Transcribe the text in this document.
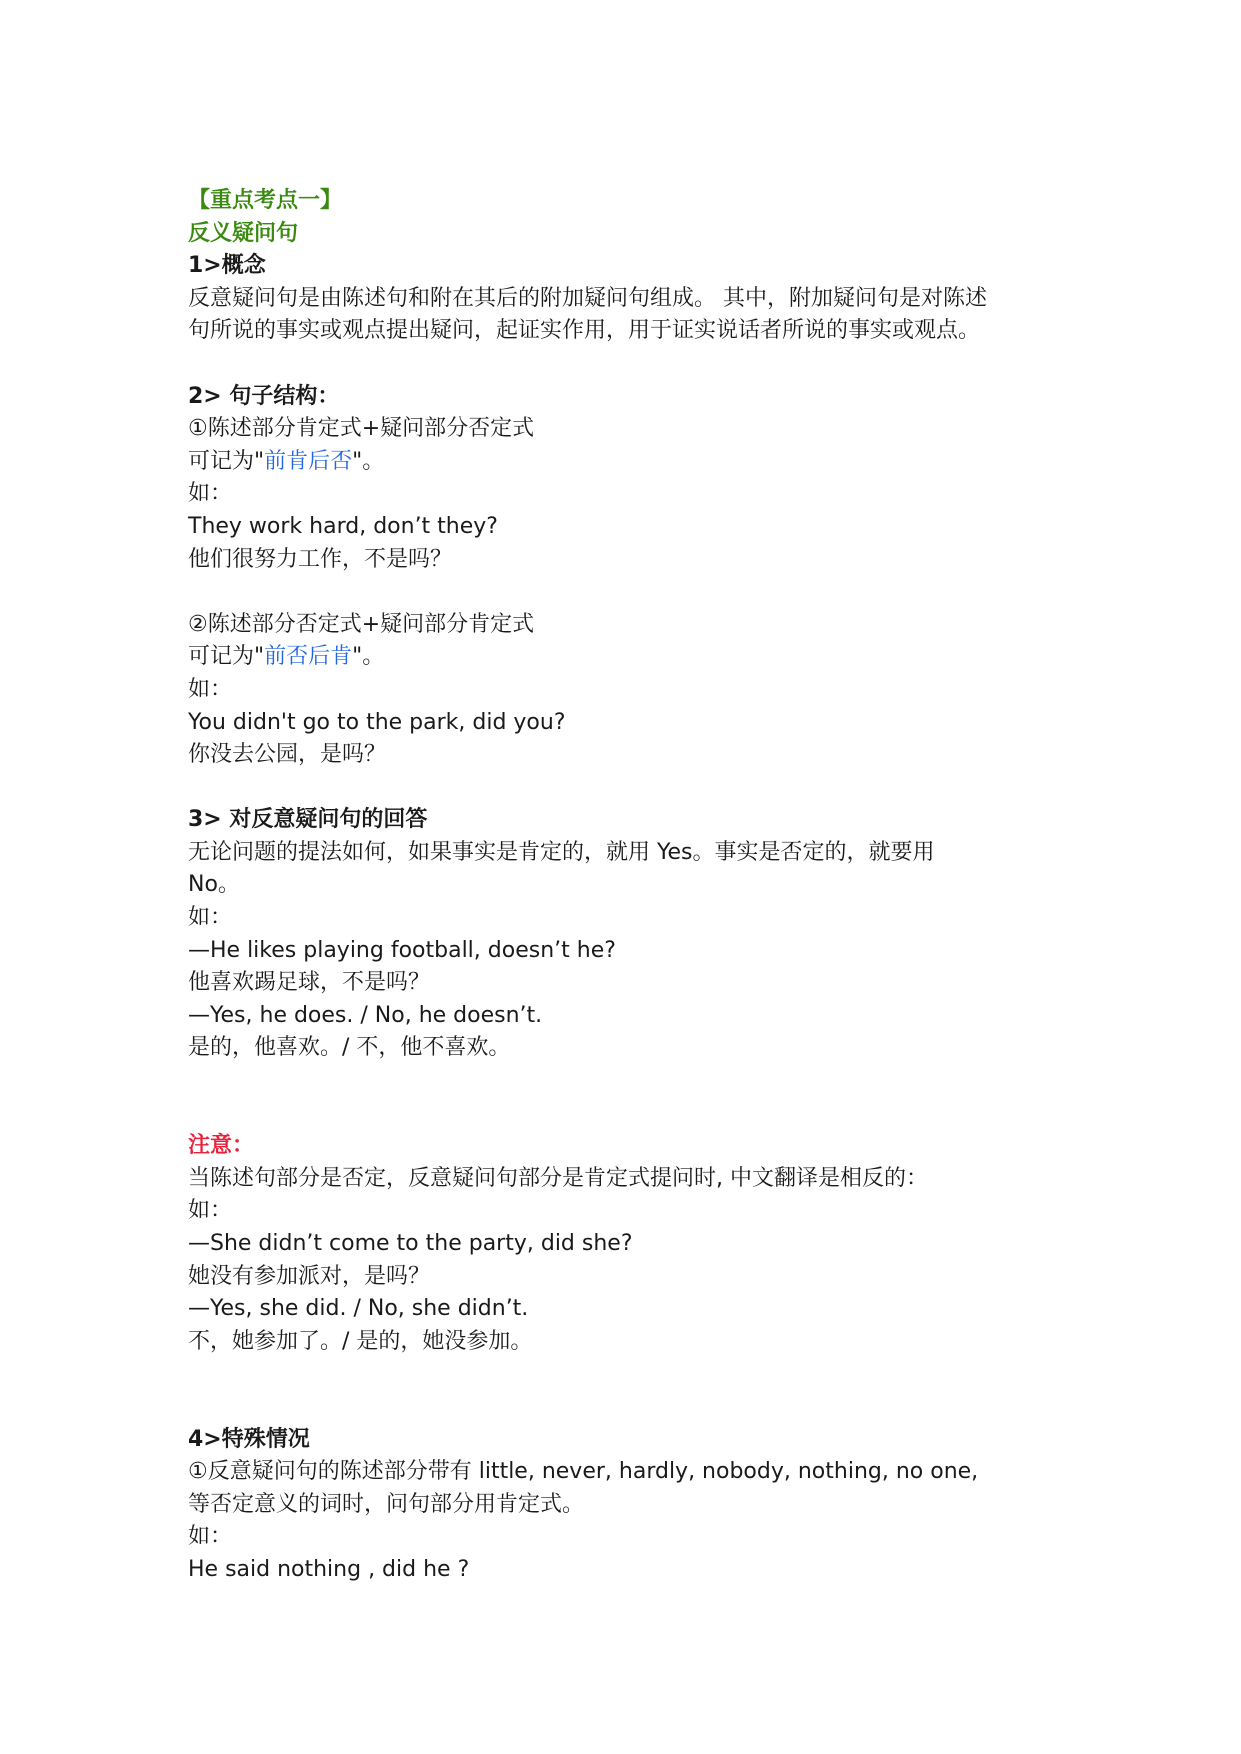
【重点考点一】
反义疑问句
1>概念
反意疑问句是由陈述句和附在其后的附加疑问句组成。 其中，附加疑问句是对陈述
句所说的事实或观点提出疑问，起证实作用，用于证实说话者所说的事实或观点。
2> 句子结构：
①陈述部分肯定式+疑问部分否定式
可记为"前肯后否"。
如：
They work hard, don’t they?
他们很努力工作，不是吗？
②陈述部分否定式+疑问部分肯定式
可记为"前否后肯"。
如：
You didn't go to the park, did you?
你没去公园，是吗？
3> 对反意疑问句的回答
无论问题的提法如何，如果事实是肯定的，就用 Yes。事实是否定的，就要用
No。
如：
—He likes playing football, doesn’t he?
他喜欢踢足球，不是吗？
—Yes, he does. / No, he doesn’t.
是的，他喜欢。/ 不，他不喜欢。
注意：
当陈述句部分是否定，反意疑问句部分是肯定式提问时, 中文翻译是相反的：
如：
—She didn’t come to the party, did she?
她没有参加派对，是吗？
—Yes, she did. / No, she didn’t.
不，她参加了。/ 是的，她没参加。
4>特殊情况
①反意疑问句的陈述部分带有 little, never, hardly, nobody, nothing, no one,
等否定意义的词时，问句部分用肯定式。
如：
He said nothing , did he ?
